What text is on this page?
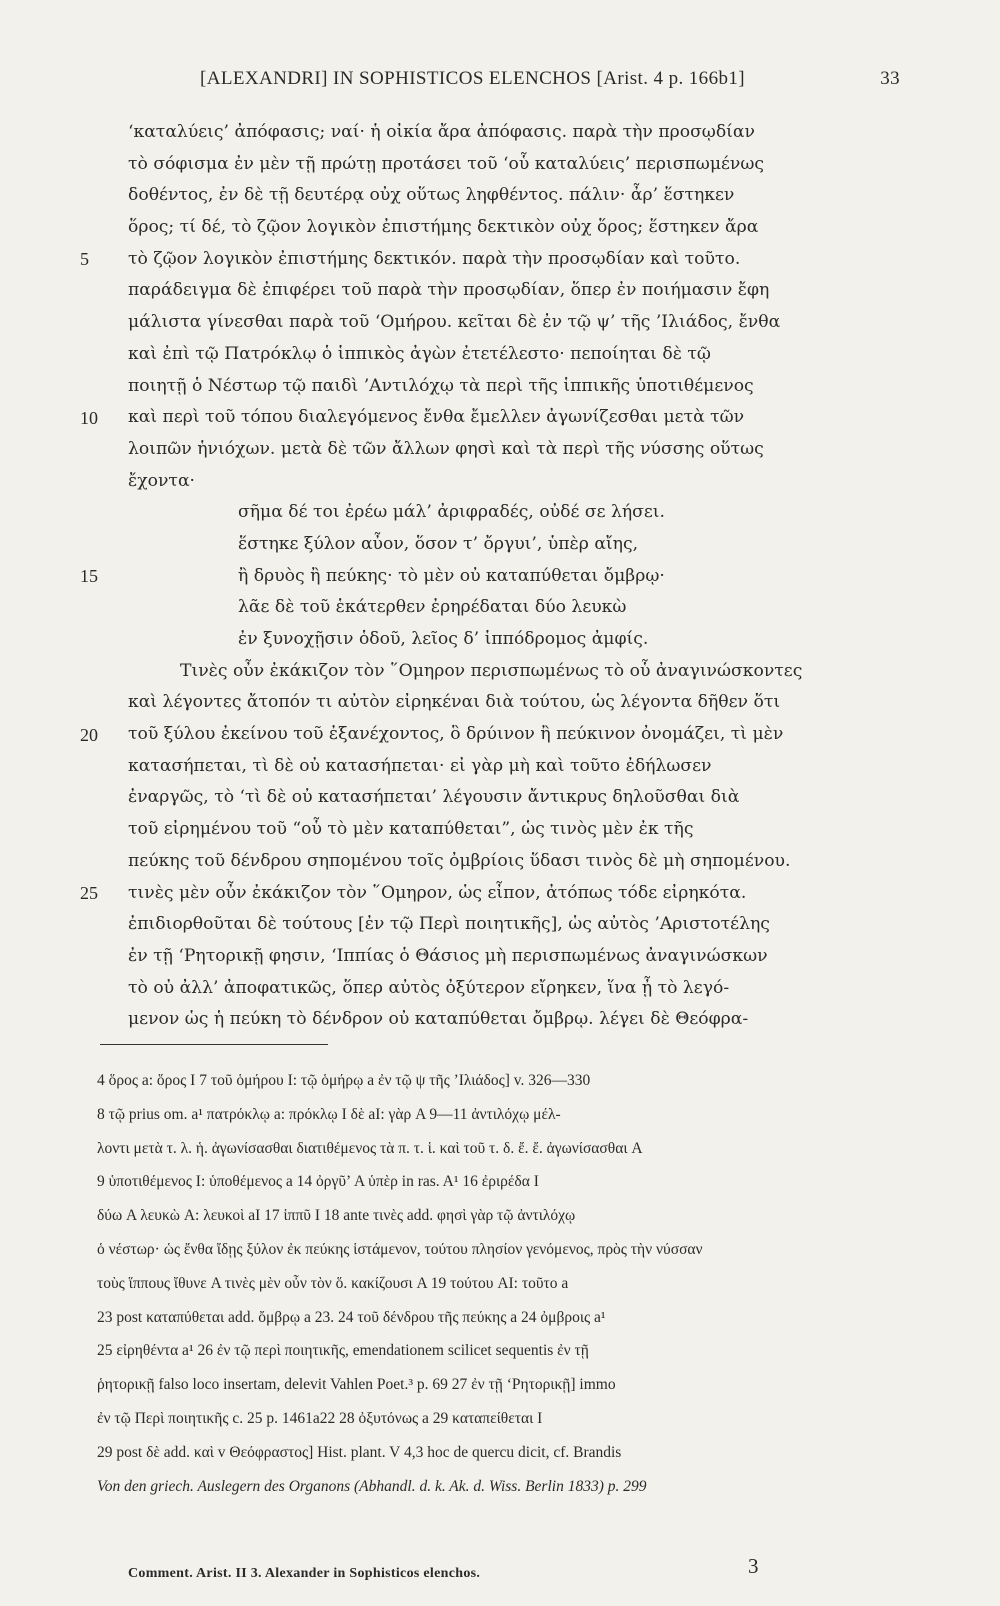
[ALEXANDRI] IN SOPHISTICOS ELENCHOS [Arist. 4 p. 166b1]	33
5
10
15
20
25
‘καταλύεις’ ἀπόφασις; ναί· ἡ οἰκία ἄρα ἀπόφασις. παρὰ τὴν προσῳδίαν
τὸ σόφισμα ἐν μὲν τῇ πρώτῃ προτάσει τοῦ ‘οὗ καταλύεις’ περισπωμένως
δοθέντος, ἐν δὲ τῇ δευτέρᾳ οὐχ οὕτως ληφθέντος. πάλιν· ἆρ’ ἕστηκεν
ὅρος; τί δέ, τὸ ζῷον λογικὸν ἐπιστήμης δεκτικὸν οὐχ ὅρος; ἕστηκεν ἄρα
τὸ ζῷον λογικὸν ἐπιστήμης δεκτικόν. παρὰ τὴν προσῳδίαν καὶ τοῦτο.
παράδειγμα δὲ ἐπιφέρει τοῦ παρὰ τὴν προσῳδίαν, ὅπερ ἐν ποιήμασιν ἔφη
μάλιστα γίνεσθαι παρὰ τοῦ ‘Ομήρου. κεῖται δὲ ἐν τῷ ψ’ τῆς ’Ιλιάδος, ἔνθα
καὶ ἐπὶ τῷ Πατρόκλῳ ὁ ἱππικὸς ἀγὼν ἐτετέλεστο· πεποίηται δὲ τῷ
ποιητῇ ὁ Νέστωρ τῷ παιδὶ ’Αντιλόχῳ τὰ περὶ τῆς ἱππικῆς ὑποτιθέμενος
καὶ περὶ τοῦ τόπου διαλεγόμενος ἔνθα ἔμελλεν ἀγωνίζεσθαι μετὰ τῶν
λοιπῶν ἡνιόχων. μετὰ δὲ τῶν ἄλλων φησὶ καὶ τὰ περὶ τῆς νύσσης οὕτως
ἔχοντα·
σῆμα δέ τοι ἐρέω μάλ’ ἀριφραδές, οὐδέ σε λήσει.
ἕστηκε ξύλον αὖον, ὅσον τ’ ὄργυι’, ὑπὲρ αἴης,
ἢ δρυὸς ἢ πεύκης· τὸ μὲν οὐ καταπύθεται ὄμβρῳ·
λᾶε δὲ τοῦ ἑκάτερθεν ἐρηρέδαται δύο λευκὼ
ἐν ξυνοχῇσιν ὁδοῦ, λεῖος δ’ ἱππόδρομος ἀμφίς.
Τινὲς οὖν ἐκάκιζον τὸν ῞Ομηρον περισπωμένως τὸ οὗ ἀναγινώσκοντες
καὶ λέγοντες ἄτοπόν τι αὐτὸν εἰρηκέναι διὰ τούτου, ὡς λέγοντα δῆθεν ὅτι
τοῦ ξύλου ἐκείνου τοῦ ἐξανέχοντος, ὃ δρύινον ἢ πεύκινον ὀνομάζει, τὶ μὲν
κατασήπεται, τὶ δὲ οὐ κατασήπεται· εἰ γὰρ μὴ καὶ τοῦτο ἐδήλωσεν
ἐναργῶς, τὸ ‘τὶ δὲ οὐ κατασήπεται’ λέγουσιν ἄντικρυς δηλοῦσθαι διὰ
τοῦ εἰρημένου τοῦ “οὗ τὸ μὲν καταπύθεται”, ὡς τινὸς μὲν ἐκ τῆς
πεύκης τοῦ δένδρου σηπομένου τοῖς ὀμβρίοις ὕδασι τινὸς δὲ μὴ σηπομένου.
τινὲς μὲν οὖν ἐκάκιζον τὸν ῞Ομηρον, ὡς εἶπον, ἀτόπως τόδε εἰρηκότα.
ἐπιδιορθοῦται δὲ τούτους [ἐν τῷ Περὶ ποιητικῆς], ὡς αὐτὸς ’Αριστοτέλης
ἐν τῇ ‘Ρητορικῇ φησιν, ‘Ιππίας ὁ Θάσιος μὴ περισπωμένως ἀναγινώσκων
τὸ οὐ ἀλλ’ ἀποφατικῶς, ὅπερ αὐτὸς ὀξύτερον εἴρηκεν, ἵνα ᾖ τὸ λεγό-
μενον ὡς ἡ πεύκη τὸ δένδρον οὐ καταπύθεται ὄμβρῳ. λέγει δὲ Θεόφρα-
4 ὅρος a: ὅρος I 7 τοῦ ὁμήρου I: τῷ ὁμήρῳ a ἐν τῷ ψ τῆς ’Ιλιάδος] v. 326—330
8 τῷ prius om. a¹ πατρόκλῳ a: πρόκλῳ I δὲ aI: γὰρ A 9—11 ἀντιλόχῳ μέλ-
λοντι μετὰ τ. λ. ἡ. ἀγωνίσασθαι διατιθέμενος τὰ π. τ. ἱ. καὶ τοῦ τ. δ. ἔ. ἔ. ἀγωνίσασθαι A
9 ὑποτιθέμενος I: ὑποθέμενος a 14 ὀργῦ’ A ὑπὲρ in ras. A¹ 16 ἐριρέδα I
δύω A λευκὼ A: λευκοὶ aI 17 ἱππῦ I 18 ante τινὲς add. φησὶ γὰρ τῷ ἀντιλόχῳ
ὁ νέστωρ· ὡς ἔνθα ἴδῃς ξύλον ἐκ πεύκης ἱστάμενον, τούτου πλησίον γενόμενος, πρὸς τὴν νύσσαν
τοὺς ἵππους ἴθυνε A τινὲς μὲν οὖν τὸν ὅ. κακίζουσι A 19 τούτου AI: τοῦτο a
23 post καταπύθεται add. ὄμβρῳ a 23. 24 τοῦ δένδρου τῆς πεύκης a 24 ὀμβροις a¹
25 εἰρηθέντα a¹ 26 ἐν τῷ περὶ ποιητικῆς, emendationem scilicet sequentis ἐν τῇ
ῥητορικῇ falso loco insertam, delevit Vahlen Poet.³ p. 69 27 ἐν τῇ ‘Ρητορικῇ] immo
ἐν τῷ Περὶ ποιητικῆς c. 25 p. 1461a22 28 ὀξυτόνως a 29 καταπείθεται I
29 post δὲ add. καὶ v Θεόφραστος] Hist. plant. V 4,3 hoc de quercu dicit, cf. Brandis
Von den griech. Auslegern des Organons (Abhandl. d. k. Ak. d. Wiss. Berlin 1833) p. 299
Comment. Arist. II 3. Alexander in Sophisticos elenchos.	3
